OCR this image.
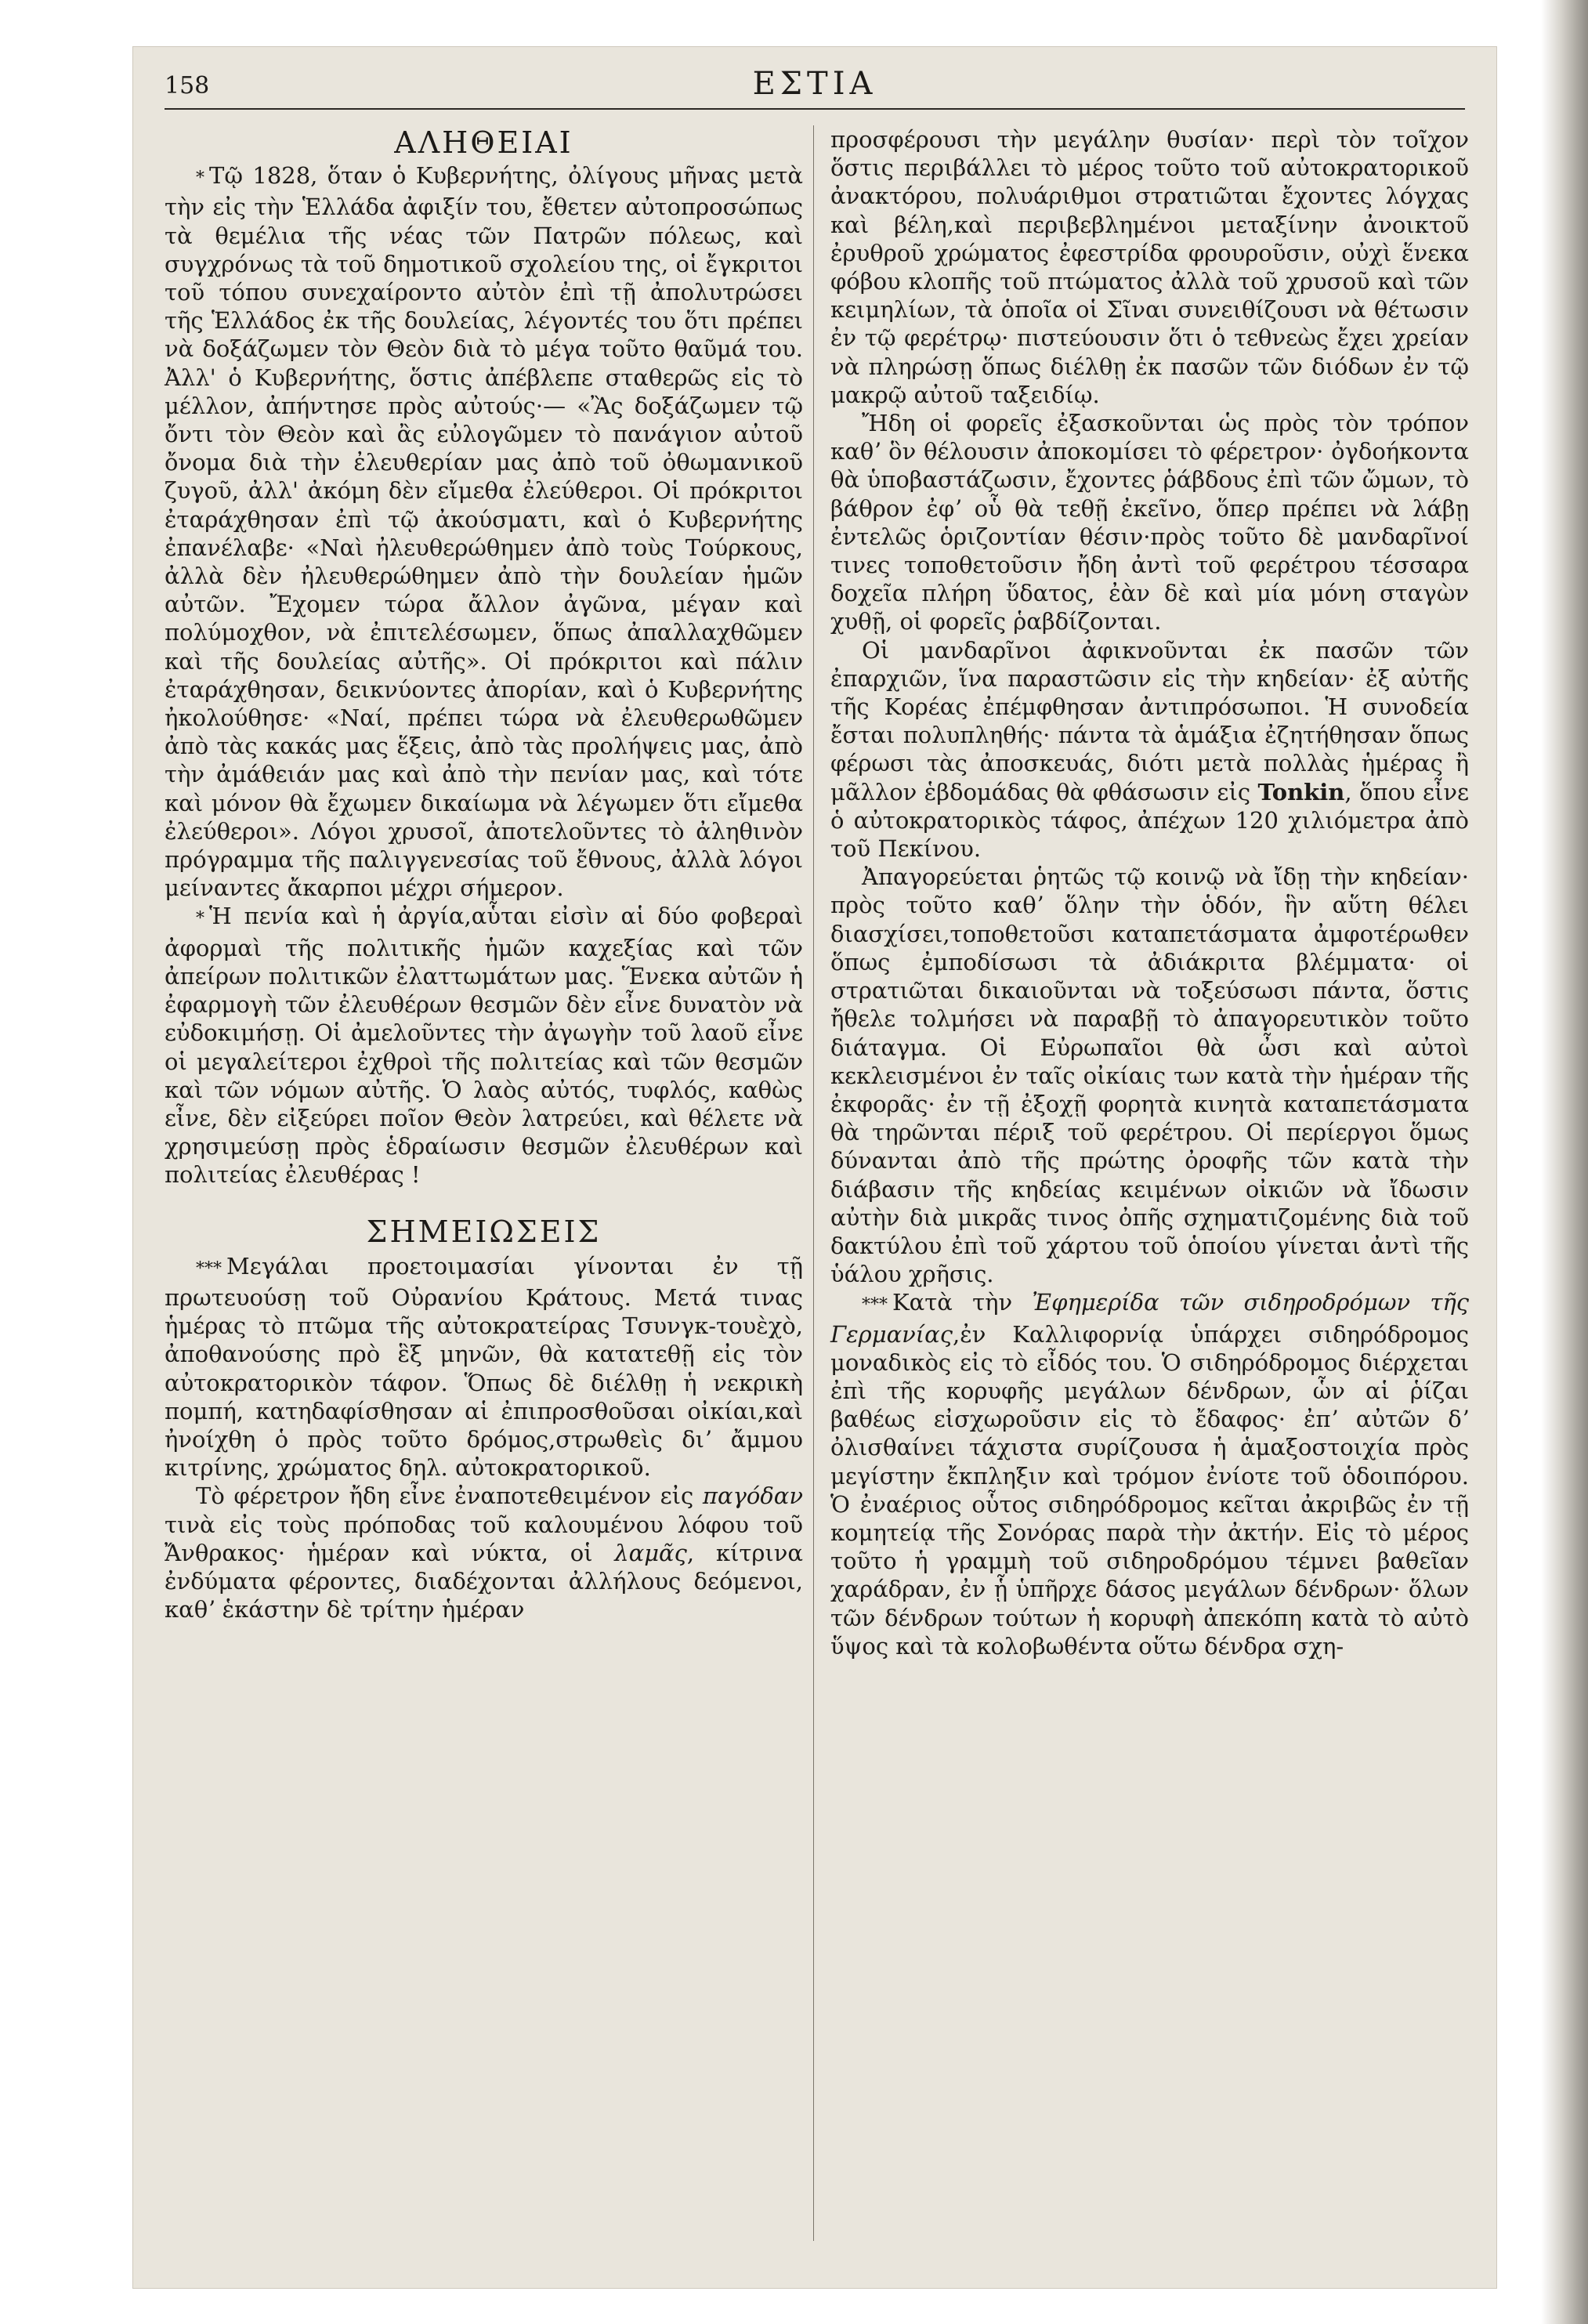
158	ΕΣΤΙΑ
ΑΛΗΘΕΙΑΙ

* Τῷ 1828, ὅταν ὁ Κυβερνήτης, ὀλίγους μῆνας μετὰ τὴν εἰς τὴν Ἑλλάδα ἀφιξίν του, ἔθετεν αὐτοπροσώπως τὰ θεμέλια τῆς νέας τῶν Πατρῶν πόλεως, καὶ συγχρόνως τὰ τοῦ δημοτικοῦ σχολείου της, οἱ ἔγκριτοι τοῦ τόπου συνεχαίροντο αὐτὸν ἐπὶ τῇ ἀπολυτρώσει τῆς Ἑλλάδος ἐκ τῆς δουλείας, λέγοντές του ὅτι πρέπει νὰ δοξάζωμεν τὸν Θεὸν διὰ τὸ μέγα τοῦτο θαῦμά του. Ἀλλ' ὁ Κυβερνήτης, ὅστις ἀπέβλεπε σταθερῶς εἰς τὸ μέλλον, ἀπήντησε πρὸς αὐτούς·— «Ἂς δοξάζωμεν τῷ ὄντι τὸν Θεὸν καὶ ἂς εὐλογῶμεν τὸ πανάγιον αὐτοῦ ὄνομα διὰ τὴν ἐλευθερίαν μας ἀπὸ τοῦ ὀθωμανικοῦ ζυγοῦ, ἀλλ' ἀκόμη δὲν εἴμεθα ἐλεύθεροι. Οἱ πρόκριτοι ἐταράχθησαν ἐπὶ τῷ ἀκούσματι, καὶ ὁ Κυβερνήτης ἐπανέλαβε· «Ναὶ ἠλευθερώθημεν ἀπὸ τοὺς Τούρκους, ἀλλὰ δὲν ἠλευθερώθημεν ἀπὸ τὴν δουλείαν ἡμῶν αὐτῶν. Ἔχομεν τώρα ἄλλον ἀγῶνα, μέγαν καὶ πολύμοχθον, νὰ ἐπιτελέσωμεν, ὅπως ἀπαλλαχθῶμεν καὶ τῆς δουλείας αὐτῆς». Οἱ πρόκριτοι καὶ πάλιν ἐταράχθησαν, δεικνύοντες ἀπορίαν, καὶ ὁ Κυβερνήτης ἠκολούθησε· «Ναί, πρέπει τώρα νὰ ἐλευθερωθῶμεν ἀπὸ τὰς κακάς μας ἕξεις, ἀπὸ τὰς προλήψεις μας, ἀπὸ τὴν ἀμάθειάν μας καὶ ἀπὸ τὴν πενίαν μας, καὶ τότε καὶ μόνον θὰ ἔχωμεν δικαίωμα νὰ λέγωμεν ὅτι εἴμεθα ἐλεύθεροι». Λόγοι χρυσοῖ, ἀποτελοῦντες τὸ ἀληθινὸν πρόγραμμα τῆς παλιγγενεσίας τοῦ ἔθνους, ἀλλὰ λόγοι μείναντες ἄκαρποι μέχρι σήμερον.

* Ἡ πενία καὶ ἡ ἀργία,αὗται εἰσὶν αἱ δύο φοβεραὶ ἀφορμαὶ τῆς πολιτικῆς ἡμῶν καχεξίας καὶ τῶν ἀπείρων πολιτικῶν ἐλαττωμάτων μας. Ἕνεκα αὐτῶν ἡ ἐφαρμογὴ τῶν ἐλευθέρων θεσμῶν δὲν εἶνε δυνατὸν νὰ εὐδοκιμήσῃ. Οἱ ἀμελοῦντες τὴν ἀγωγὴν τοῦ λαοῦ εἶνε οἱ μεγαλείτεροι ἐχθροὶ τῆς πολιτείας καὶ τῶν θεσμῶν καὶ τῶν νόμων αὐτῆς. Ὁ λαὸς αὐτός, τυφλός, καθὼς εἶνε, δὲν εἰξεύρει ποῖον Θεὸν λατρεύει, καὶ θέλετε νὰ χρησιμεύσῃ πρὸς ἑδραίωσιν θεσμῶν ἐλευθέρων καὶ πολιτείας ἐλευθέρας !

ΣΗΜΕΙΩΣΕΙΣ

*** Μεγάλαι προετοιμασίαι γίνονται ἐν τῇ πρωτευούσῃ τοῦ Οὐρανίου Κράτους. Μετά τινας ἡμέρας τὸ πτῶμα τῆς αὐτοκρατείρας Τσυνγκ-τουὲχὸ, ἀποθανούσης πρὸ ἓξ μηνῶν, θὰ κατατεθῇ εἰς τὸν αὐτοκρατορικὸν τάφον. Ὅπως δὲ διέλθῃ ἡ νεκρικὴ πομπή, κατηδαφίσθησαν αἱ ἐπιπροσθοῦσαι οἰκίαι,καὶ ἠνοίχθη ὁ πρὸς τοῦτο δρόμος,στρωθεὶς διʼ ἄμμου κιτρίνης, χρώματος δηλ. αὐτοκρατορικοῦ.

Τὸ φέρετρον ἤδη εἶνε ἐναποτεθειμένον εἰς παγόδαν τινὰ εἰς τοὺς πρόποδας τοῦ καλουμένου λόφου τοῦ Ἄνθρακος· ἡμέραν καὶ νύκτα, οἱ λαμᾶς, κίτρινα ἐνδύματα φέροντες, διαδέχονται ἀλλήλους δεόμενοι, καθʼ ἑκάστην δὲ τρίτην ἡμέραν

προσφέρουσι τὴν μεγάλην θυσίαν· περὶ τὸν τοῖχον ὅστις περιβάλλει τὸ μέρος τοῦτο τοῦ αὐτοκρατορικοῦ ἀνακτόρου, πολυάριθμοι στρατιῶται ἔχοντες λόγχας καὶ βέλη,καὶ περιβεβλημένοι μεταξίνην ἀνοικτοῦ ἐρυθροῦ χρώματος ἐφεστρίδα φρουροῦσιν, οὐχὶ ἕνεκα φόβου κλοπῆς τοῦ πτώματος ἀλλὰ τοῦ χρυσοῦ καὶ τῶν κειμηλίων, τὰ ὁποῖα οἱ Σῖναι συνειθίζουσι νὰ θέτωσιν ἐν τῷ φερέτρῳ· πιστεύουσιν ὅτι ὁ τεθνεὼς ἔχει χρείαν νὰ πληρώσῃ ὅπως διέλθῃ ἐκ πασῶν τῶν διόδων ἐν τῷ μακρῷ αὐτοῦ ταξειδίῳ.

Ἤδη οἱ φορεῖς ἐξασκοῦνται ὡς πρὸς τὸν τρόπον καθʼ ὃν θέλουσιν ἀποκομίσει τὸ φέρετρον· ὀγδοήκοντα θὰ ὑποβαστάζωσιν, ἔχοντες ῥάβδους ἐπὶ τῶν ὤμων, τὸ βάθρον ἐφʼ οὗ θὰ τεθῇ ἐκεῖνο, ὅπερ πρέπει νὰ λάβῃ ἐντελῶς ὁριζοντίαν θέσιν·πρὸς τοῦτο δὲ μανδαρῖνοί τινες τοποθετοῦσιν ἤδη ἀντὶ τοῦ φερέτρου τέσσαρα δοχεῖα πλήρη ὕδατος, ἐὰν δὲ καὶ μία μόνη σταγὼν χυθῇ, οἱ φορεῖς ῥαβδίζονται.

Οἱ μανδαρῖνοι ἀφικνοῦνται ἐκ πασῶν τῶν ἐπαρχιῶν, ἵνα παραστῶσιν εἰς τὴν κηδείαν· ἐξ αὐτῆς τῆς Κορέας ἐπέμφθησαν ἀντιπρόσωποι. Ἡ συνοδεία ἔσται πολυπληθής· πάντα τὰ ἁμάξια ἐζητήθησαν ὅπως φέρωσι τὰς ἀποσκευάς, διότι μετὰ πολλὰς ἡμέρας ἢ μᾶλλον ἑβδομάδας θὰ φθάσωσιν εἰς Tonkin, ὅπου εἶνε ὁ αὐτοκρατορικὸς τάφος, ἀπέχων 120 χιλιόμετρα ἀπὸ τοῦ Πεκίνου.

Ἀπαγορεύεται ῥητῶς τῷ κοινῷ νὰ ἴδῃ τὴν κηδείαν· πρὸς τοῦτο καθʼ ὅλην τὴν ὁδόν, ἣν αὕτη θέλει διασχίσει,τοποθετοῦσι καταπετάσματα ἀμφοτέρωθεν ὅπως ἐμποδίσωσι τὰ ἀδιάκριτα βλέμματα· οἱ στρατιῶται δικαιοῦνται νὰ τοξεύσωσι πάντα, ὅστις ἤθελε τολμήσει νὰ παραβῇ τὸ ἀπαγορευτικὸν τοῦτο διάταγμα. Οἱ Εὐρωπαῖοι θὰ ὦσι καὶ αὐτοὶ κεκλεισμένοι ἐν ταῖς οἰκίαις των κατὰ τὴν ἡμέραν τῆς ἐκφορᾶς· ἐν τῇ ἐξοχῇ φορητὰ κινητὰ καταπετάσματα θὰ τηρῶνται πέριξ τοῦ φερέτρου. Οἱ περίεργοι ὅμως δύνανται ἀπὸ τῆς πρώτης ὀροφῆς τῶν κατὰ τὴν διάβασιν τῆς κηδείας κειμένων οἰκιῶν νὰ ἴδωσιν αὐτὴν διὰ μικρᾶς τινος ὀπῆς σχηματιζομένης διὰ τοῦ δακτύλου ἐπὶ τοῦ χάρτου τοῦ ὁποίου γίνεται ἀντὶ τῆς ὑάλου χρῆσις.

*** Κατὰ τὴν Ἐφημερίδα τῶν σιδηροδρόμων τῆς Γερμανίας,ἐν Καλλιφορνίᾳ ὑπάρχει σιδηρόδρομος μοναδικὸς εἰς τὸ εἶδός του. Ὁ σιδηρόδρομος διέρχεται ἐπὶ τῆς κορυφῆς μεγάλων δένδρων, ὧν αἱ ῥίζαι βαθέως εἰσχωροῦσιν εἰς τὸ ἔδαφος· ἐπʼ αὐτῶν δʼ ὀλισθαίνει τάχιστα συρίζουσα ἡ ἁμαξοστοιχία πρὸς μεγίστην ἔκπληξιν καὶ τρόμον ἐνίοτε τοῦ ὁδοιπόρου. Ὁ ἐναέριος οὗτος σιδηρόδρομος κεῖται ἀκριβῶς ἐν τῇ κομητείᾳ τῆς Σονόρας παρὰ τὴν ἀκτήν. Εἰς τὸ μέρος τοῦτο ἡ γραμμὴ τοῦ σιδηροδρόμου τέμνει βαθεῖαν χαράδραν, ἐν ᾗ ὑπῆρχε δάσος μεγάλων δένδρων· ὅλων τῶν δένδρων τούτων ἡ κορυφὴ ἀπεκόπη κατὰ τὸ αὐτὸ ὕψος καὶ τὰ κολοβωθέντα οὕτω δένδρα σχη-
